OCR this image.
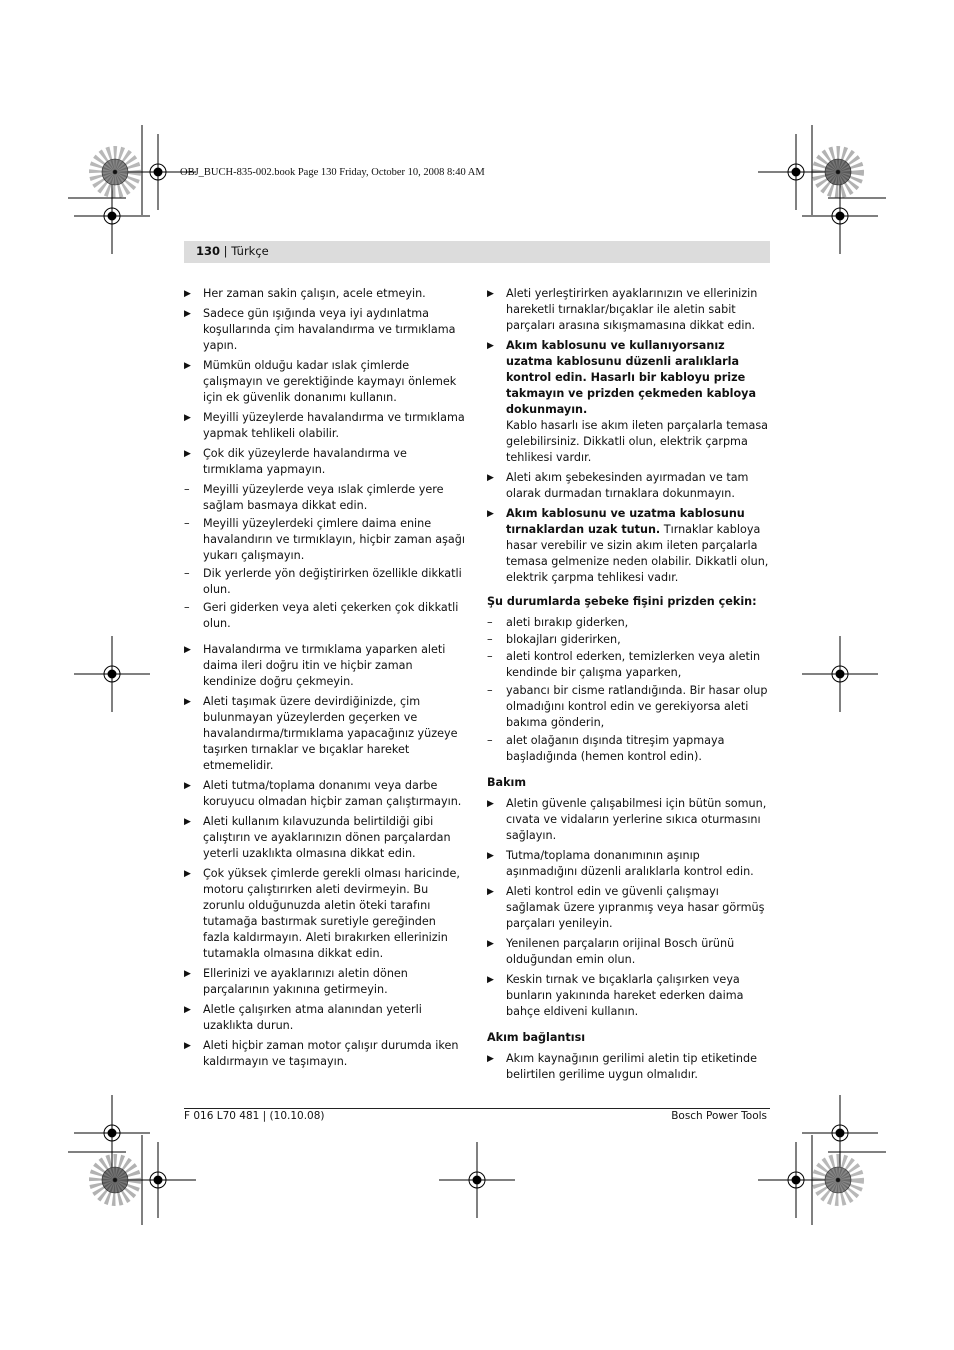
OBJ_BUCH-835-002.book Page 130 Friday, October 10, 2008 8:40 AM
130 | Türkçe
▶	Her zaman sakin çalışın, acele etmeyin.
▶	Sadece gün ışığında veya iyi aydınlatma koşullarında çim havalandırma ve tırmıklama yapın.
▶	Mümkün olduğu kadar ıslak çimlerde çalışmayın ve gerektiğinde kaymayı önlemek için ek güvenlik donanımı kullanın.
▶	Meyilli yüzeylerde havalandırma ve tırmıklama yapmak tehlikeli olabilir.
▶	Çok dik yüzeylerde havalandırma ve tırmıklama yapmayın.
–	Meyilli yüzeylerde veya ıslak çimlerde yere sağlam basmaya dikkat edin.
–	Meyilli yüzeylerdeki çimlere daima enine havalandırın ve tırmıklayın, hiçbir zaman aşağı yukarı çalışmayın.
–	Dik yerlerde yön değiştirirken özellikle dikkatli olun.
–	Geri giderken veya aleti çekerken çok dikkatli olun.
▶	Havalandırma ve tırmıklama yaparken aleti daima ileri doğru itin ve hiçbir zaman kendinize doğru çekmeyin.
▶	Aleti taşımak üzere devirdiğinizde, çim bulunmayan yüzeylerden geçerken ve havalandırma/tırmıklama yapacağınız yüzeye taşırken tırnaklar ve bıçaklar hareket etmemelidir.
▶	Aleti tutma/toplama donanımı veya darbe koruyucu olmadan hiçbir zaman çalıştırmayın.
▶	Aleti kullanım kılavuzunda belirtildiği gibi çalıştırın ve ayaklarınızın dönen parçalardan yeterli uzaklıkta olmasına dikkat edin.
▶	Çok yüksek çimlerde gerekli olması haricinde, motoru çalıştırırken aleti devirmeyin. Bu zorunlu olduğunuzda aletin öteki tarafını tutamağa bastırmak suretiyle gereğinden fazla kaldırmayın. Aleti bırakırken ellerinizin tutamakla olmasına dikkat edin.
▶	Ellerinizi ve ayaklarınızı aletin dönen parçalarının yakınına getirmeyin.
▶	Aletle çalışırken atma alanından yeterli uzaklıkta durun.
▶	Aleti hiçbir zaman motor çalışır durumda iken kaldırmayın ve taşımayın.
▶	Aleti yerleştirirken ayaklarınızın ve ellerinizin hareketli tırnaklar/bıçaklar ile aletin sabit parçaları arasına sıkışmamasına dikkat edin.
▶	Akım kablosunu ve kullanıyorsanız uzatma kablosunu düzenli aralıklarla kontrol edin. Hasarlı bir kabloyu prize takmayın ve prizden çekmeden kabloya dokunmayın.
Kablo hasarlı ise akım ileten parçalarla temasa gelebilirsiniz. Dikkatli olun, elektrik çarpma tehlikesi vardır.
▶	Aleti akım şebekesinden ayırmadan ve tam olarak durmadan tırnaklara dokunmayın.
▶	Akım kablosunu ve uzatma kablosunu tırnaklardan uzak tutun. Tırnaklar kabloya hasar verebilir ve sizin akım ileten parçalarla temasa gelmenize neden olabilir. Dikkatli olun, elektrik çarpma tehlikesi vadır.
Şu durumlarda şebeke fişini prizden çekin:
–	aleti bırakıp giderken,
–	blokajları giderirken,
–	aleti kontrol ederken, temizlerken veya aletin kendinde bir çalışma yaparken,
–	yabancı bir cisme ratlandığında. Bir hasar olup olmadığını kontrol edin ve gerekiyorsa aleti bakıma gönderin,
–	alet olağanın dışında titreşim yapmaya başladığında (hemen kontrol edin).
Bakım
▶	Aletin güvenle çalışabilmesi için bütün somun, cıvata ve vidaların yerlerine sıkıca oturmasını sağlayın.
▶	Tutma/toplama donanımının aşınıp aşınmadığını düzenli aralıklarla kontrol edin.
▶	Aleti kontrol edin ve güvenli çalışmayı sağlamak üzere yıpranmış veya hasar görmüş parçaları yenileyin.
▶	Yenilenen parçaların orijinal Bosch ürünü olduğundan emin olun.
▶	Keskin tırnak ve bıçaklarla çalışırken veya bunların yakınında hareket ederken daima bahçe eldiveni kullanın.
Akım bağlantısı
▶	Akım kaynağının gerilimi aletin tip etiketinde belirtilen gerilime uygun olmalıdır.
F 016 L70 481 | (10.10.08)	Bosch Power Tools
